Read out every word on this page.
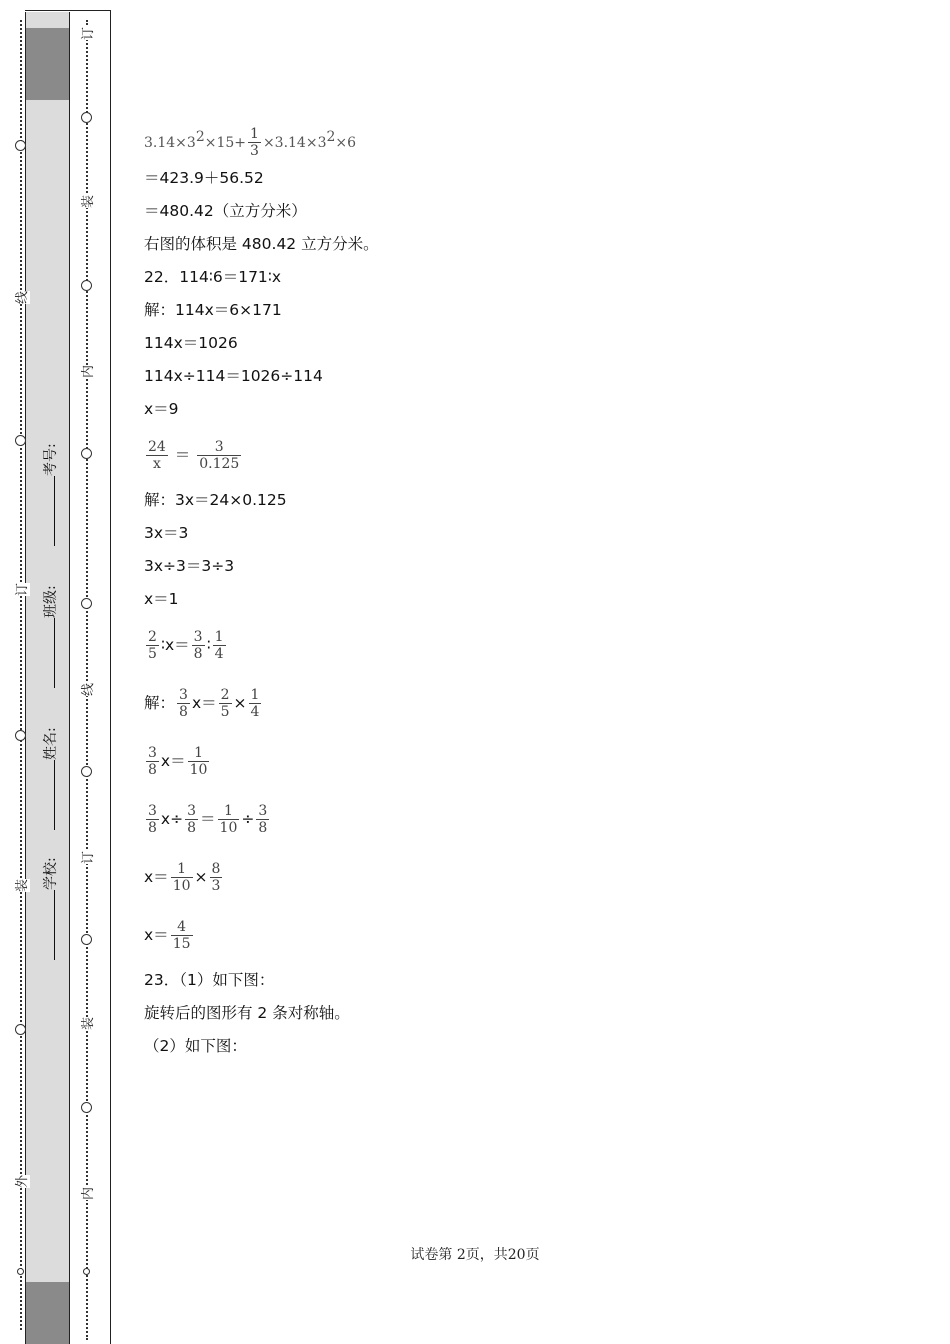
线
订
装
外
订
装
内
线
订
装
内
考号:
班级:
姓名:
学校:
$3.14\times 3^2\times 15+ \frac{1}{3} \times 3.14\times 3^2\times 6$
＝423.9＋56.52
＝480.42（立方分米）
右图的体积是 480.42 立方分米。
22．114∶6＝171∶x
解：114x＝6×171
114x＝1026
114x÷114＝1026÷114
x＝9
$\frac{24}{x} = \frac{3}{0.125}$
解：3x＝24×0.125
3x＝3
3x÷3＝3÷3
x＝1
$\frac{2}{5}$ ∶x＝ $\frac{3}{8}$ ∶ $\frac{1}{4}$
解： $\frac{3}{8} x= \frac{2}{5} \times \frac{1}{4}$
$\frac{3}{8} x= \frac{1}{10}$
$\frac{3}{8} x\div \frac{3}{8} = \frac{1}{10} \div \frac{3}{8}$
$x= \frac{1}{10} \times \frac{8}{3}$
$x= \frac{4}{15}$
23．（1）如下图：
旋转后的图形有 2 条对称轴。
（2）如下图：
试卷第 2页，共20页
